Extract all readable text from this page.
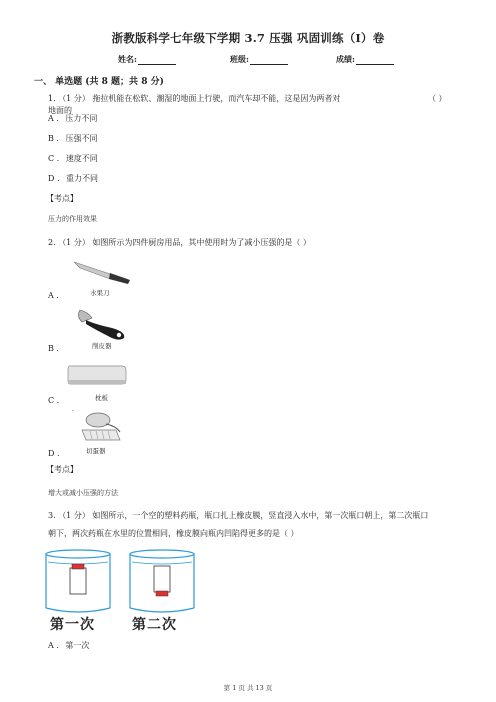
浙教版科学七年级下学期 3.7 压强 巩固训练（I）卷
姓名:	班级:	成绩:
一、 单选题 (共 8 题；共 8 分)
1. （1 分） 拖拉机能在松软、潮湿的地面上行驶，而汽车却不能，这是因为两者对地面的
（ ）
A . 压力不同
B . 压强不同
C . 速度不同
D . 重力不同
【考点】
压力的作用效果
2. （1 分） 如图所示为四件厨房用品，其中使用时为了减小压强的是（ ）
A .	水果刀
B .	削皮器
C .	枕板
.
D .	切蛋器
【考点】
增大或减小压强的方法
3. （1 分） 如图所示，一个空的塑料药瓶，瓶口扎上橡皮膜，竖直浸入水中，第一次瓶口朝上，第二次瓶口
朝下，两次药瓶在水里的位置相同，橡皮膜向瓶内凹陷得更多的是（ ）
第一次	第二次
A . 第一次
第 1 页 共 13 页
